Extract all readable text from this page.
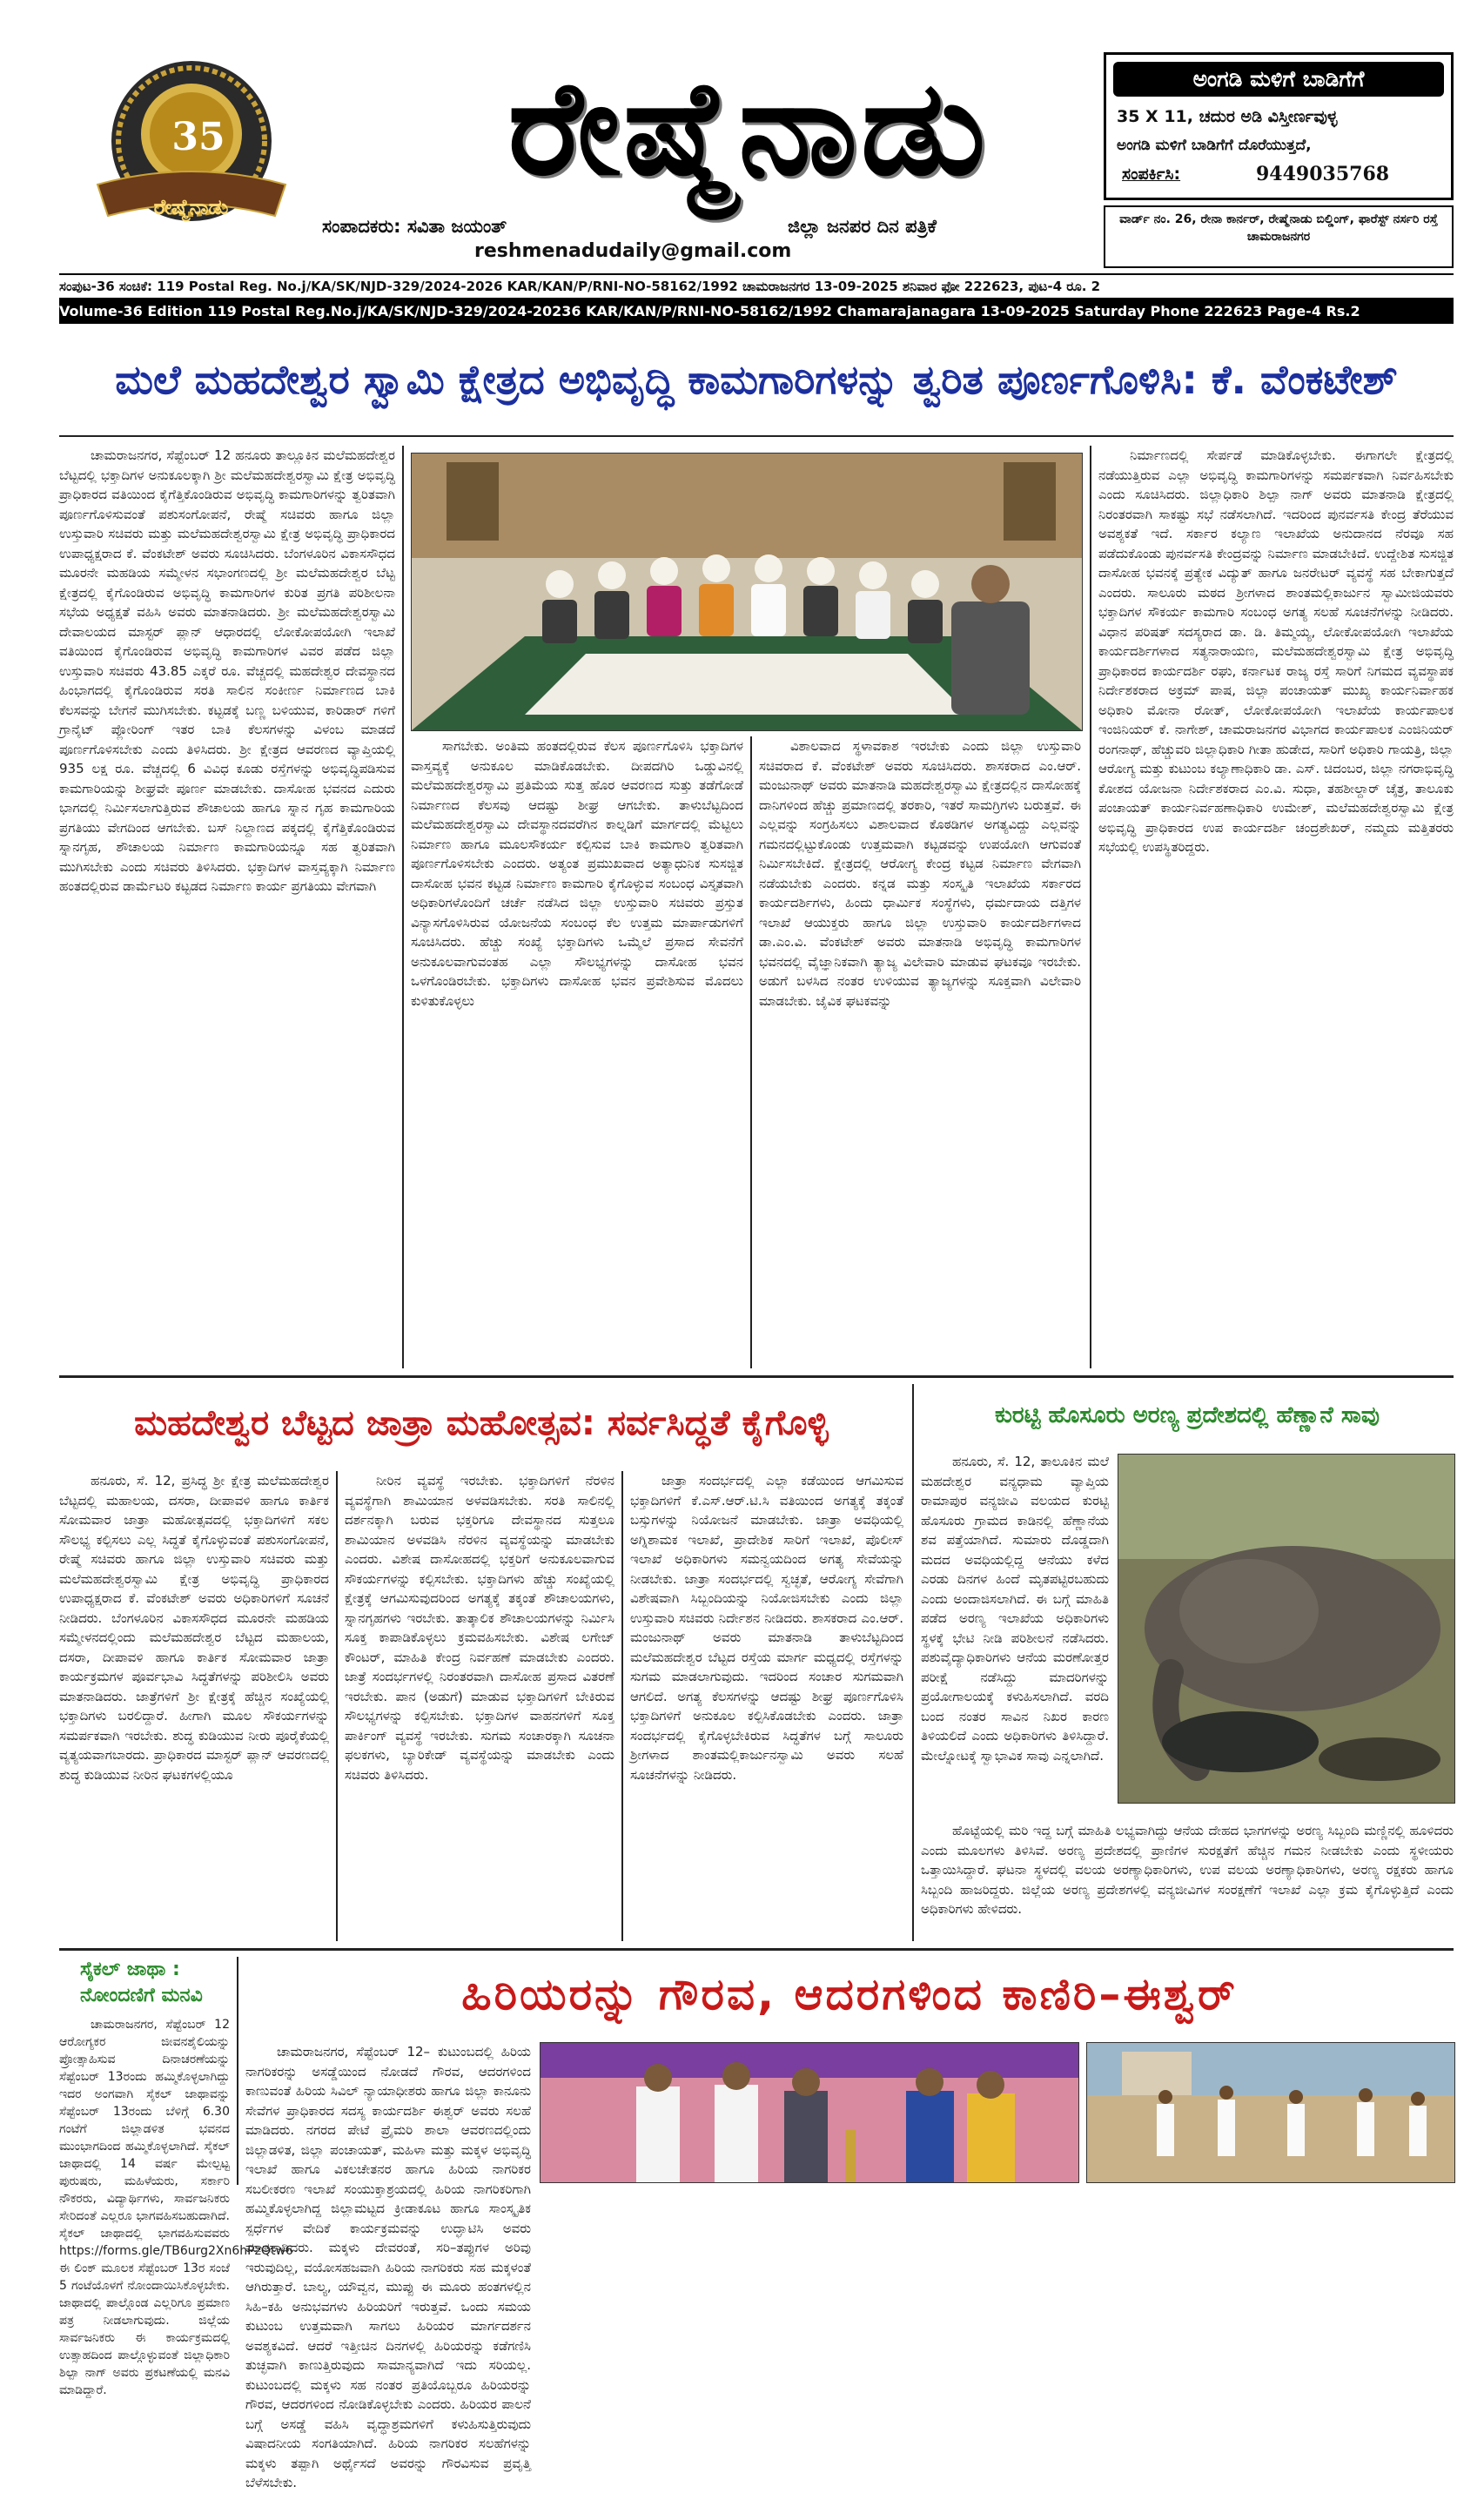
35
ರೇಷ್ಮೆನಾಡು
ರೇಷ್ಮೆನಾಡು
ಸಂಪಾದಕರು: ಸವಿತಾ ಜಯಂತ್	ಜಿಲ್ಲಾ ಜನಪರ ದಿನ ಪತ್ರಿಕೆ
reshmenadudaily@gmail.com
ಅಂಗಡಿ ಮಳಿಗೆ ಬಾಡಿಗೆಗೆ
35 X 11, ಚದುರ ಅಡಿ ವಿಸ್ತೀರ್ಣವುಳ್ಳ
ಅಂಗಡಿ ಮಳಿಗೆ ಬಾಡಿಗೆಗೆ ದೊರೆಯುತ್ತದೆ,
ಸಂಪರ್ಕಿಸಿ:	9449035768
ವಾರ್ಡ್ ನಂ. 26, ರೇನಾ ಕಾರ್ನರ್, ರೇಷ್ಮೆನಾಡು ಬಿಲ್ಡಿಂಗ್, ಫಾರೆಸ್ಟ್ ನರ್ಸರಿ ರಸ್ತೆ ಚಾಮರಾಜನಗರ
ಸಂಪುಟ-36 ಸಂಚಿಕೆ: 119 Postal Reg. No.j/KA/SK/NJD-329/2024-2026 KAR/KAN/P/RNI-NO-58162/1992 ಚಾಮರಾಜನಗರ 13-09-2025 ಶನಿವಾರ ಫೋ 222623, ಪುಟ-4 ರೂ. 2
Volume-36 Edition 119 Postal Reg.No.j/KA/SK/NJD-329/2024-20236 KAR/KAN/P/RNI-NO-58162/1992 Chamarajanagara 13-09-2025 Saturday Phone 222623 Page-4 Rs.2
ಮಲೆ ಮಹದೇಶ್ವರ ಸ್ವಾಮಿ ಕ್ಷೇತ್ರದ ಅಭಿವೃದ್ಧಿ ಕಾಮಗಾರಿಗಳನ್ನು ತ್ವರಿತ ಪೂರ್ಣಗೊಳಿಸಿ: ಕೆ. ವೆಂಕಟೇಶ್

ಚಾಮರಾಜನಗರ, ಸೆಪ್ಟೆಂಬರ್ 12 ಹನೂರು ತಾಲ್ಲೂಕಿನ ಮಲೆಮಹದೇಶ್ವರ ಬೆಟ್ಟದಲ್ಲಿ ಭಕ್ತಾದಿಗಳ ಅನುಕೂಲಕ್ಕಾಗಿ ಶ್ರೀ ಮಲೆಮಹದೇಶ್ವರಸ್ವಾಮಿ ಕ್ಷೇತ್ರ ಅಭಿವೃದ್ಧಿ ಪ್ರಾಧಿಕಾರದ ವತಿಯಿಂದ ಕೈಗೆತ್ತಿಕೊಂಡಿರುವ ಅಭಿವೃದ್ಧಿ ಕಾಮಗಾರಿಗಳನ್ನು ತ್ವರಿತವಾಗಿ ಪೂರ್ಣಗೊಳಿಸುವಂತೆ ಪಶುಸಂಗೋಪನೆ, ರೇಷ್ಮೆ ಸಚಿವರು ಹಾಗೂ ಜಿಲ್ಲಾ ಉಸ್ತುವಾರಿ ಸಚಿವರು ಮತ್ತು ಮಲೆಮಹದೇಶ್ವರಸ್ವಾಮಿ ಕ್ಷೇತ್ರ ಅಭಿವೃದ್ಧಿ ಪ್ರಾಧಿಕಾರದ ಉಪಾಧ್ಯಕ್ಷರಾದ ಕೆ. ವೆಂಕಟೇಶ್ ಅವರು ಸೂಚಿಸಿದರು. ಬೆಂಗಳೂರಿನ ವಿಕಾಸಸೌಧದ ಮೂರನೇ ಮಹಡಿಯ ಸಮ್ಮೇಳನ ಸಭಾಂಗಣದಲ್ಲಿ ಶ್ರೀ ಮಲೆಮಹದೇಶ್ವರ ಬೆಟ್ಟ ಕ್ಷೇತ್ರದಲ್ಲಿ ಕೈಗೊಂಡಿರುವ ಅಭಿವೃದ್ಧಿ ಕಾಮಗಾರಿಗಳ ಕುರಿತ ಪ್ರಗತಿ ಪರಿಶೀಲನಾ ಸಭೆಯ ಅಧ್ಯಕ್ಷತೆ ವಹಿಸಿ ಅವರು ಮಾತನಾಡಿದರು. ಶ್ರೀ ಮಲೆಮಹದೇಶ್ವರಸ್ವಾಮಿ ದೇವಾಲಯದ ಮಾಸ್ಟರ್ ಪ್ಲಾನ್ ಆಧಾರದಲ್ಲಿ ಲೋಕೋಪಯೋಗಿ ಇಲಾಖೆ ವತಿಯಿಂದ ಕೈಗೊಂಡಿರುವ ಅಭಿವೃದ್ಧಿ ಕಾಮಗಾರಿಗಳ ವಿವರ ಪಡೆದ ಜಿಲ್ಲಾ ಉಸ್ತುವಾರಿ ಸಚಿವರು 43.85 ಎಕ್ಕರೆ ರೂ. ವೆಚ್ಚದಲ್ಲಿ ಮಹದೇಶ್ವರ ದೇವಸ್ಥಾನದ ಹಿಂಭಾಗದಲ್ಲಿ ಕೈಗೊಂಡಿರುವ ಸರತಿ ಸಾಲಿನ ಸಂಕೀರ್ಣ ನಿರ್ಮಾಣದ ಬಾಕಿ ಕೆಲಸವನ್ನು ಬೇಗನೆ ಮುಗಿಸಬೇಕು. ಕಟ್ಟಡಕ್ಕೆ ಬಣ್ಣ ಬಳಿಯುವ, ಕಾರಿಡಾರ್ ಗಳಿಗೆ ಗ್ರಾನೈಟ್ ಪ್ಲೋರಿಂಗ್ ಇತರ ಬಾಕಿ ಕೆಲಸಗಳನ್ನು ವಿಳಂಬ ಮಾಡದೆ ಪೂರ್ಣಗೊಳಿಸಬೇಕು ಎಂದು ತಿಳಿಸಿದರು. ಶ್ರೀ ಕ್ಷೇತ್ರದ ಆವರಣದ ವ್ಯಾಪ್ತಿಯಲ್ಲಿ 935 ಲಕ್ಷ ರೂ. ವೆಚ್ಚದಲ್ಲಿ 6 ವಿವಿಧ ಕೂಡು ರಸ್ತೆಗಳನ್ನು ಅಭಿವೃದ್ಧಿಪಡಿಸುವ ಕಾಮಗಾರಿಯನ್ನು ಶೀಘ್ರವೇ ಪೂರ್ಣ ಮಾಡಬೇಕು. ದಾಸೋಹ ಭವನದ ಎದುರು ಭಾಗದಲ್ಲಿ ನಿರ್ಮಿಸಲಾಗುತ್ತಿರುವ ಶೌಚಾಲಯ ಹಾಗೂ ಸ್ನಾನ ಗೃಹ ಕಾಮಗಾರಿಯ ಪ್ರಗತಿಯು ವೇಗದಿಂದ ಆಗಬೇಕು. ಬಸ್ ನಿಲ್ದಾಣದ ಪಕ್ಕದಲ್ಲಿ ಕೈಗೆತ್ತಿಕೊಂಡಿರುವ ಸ್ನಾನಗೃಹ, ಶೌಚಾಲಯ ನಿರ್ಮಾಣ ಕಾಮಗಾರಿಯನ್ನೂ ಸಹ ತ್ವರಿತವಾಗಿ ಮುಗಿಸಬೇಕು ಎಂದು ಸಚಿವರು ತಿಳಿಸಿದರು. ಭಕ್ತಾದಿಗಳ ವಾಸ್ತವ್ಯಕ್ಕಾಗಿ ನಿರ್ಮಾಣ ಹಂತದಲ್ಲಿರುವ ಡಾರ್ಮೆಟರಿ ಕಟ್ಟಡದ ನಿರ್ಮಾಣ ಕಾರ್ಯ ಪ್ರಗತಿಯು ವೇಗವಾಗಿ

ಸಾಗಬೇಕು. ಅಂತಿಮ ಹಂತದಲ್ಲಿರುವ ಕೆಲಸ ಪೂರ್ಣಗೊಳಿಸಿ ಭಕ್ತಾದಿಗಳ ವಾಸ್ತವ್ಯಕ್ಕೆ ಅನುಕೂಲ ಮಾಡಿಕೊಡಬೇಕು. ದೀಪದಗಿರಿ ಒಡ್ಡುವಿನಲ್ಲಿ ಮಲೆಮಹದೇಶ್ವರಸ್ವಾಮಿ ಪ್ರತಿಮೆಯ ಸುತ್ತ ಹೊರ ಆವರಣದ ಸುತ್ತು ತಡೆಗೋಡೆ ನಿರ್ಮಾಣದ ಕೆಲಸವು ಆದಷ್ಟು ಶೀಘ್ರ ಆಗಬೇಕು. ತಾಳುಬೆಟ್ಟದಿಂದ ಮಲೆಮಹದೇಶ್ವರಸ್ವಾಮಿ ದೇವಸ್ಥಾನದವರೆಗಿನ ಕಾಲ್ನಡಿಗೆ ಮಾರ್ಗದಲ್ಲಿ ಮೆಟ್ಟಿಲು ನಿರ್ಮಾಣ ಹಾಗೂ ಮೂಲಸೌಕರ್ಯ ಕಲ್ಪಿಸುವ ಬಾಕಿ ಕಾಮಗಾರಿ ತ್ವರಿತವಾಗಿ ಪೂರ್ಣಗೊಳಿಸಬೇಕು ಎಂದರು. ಅತ್ಯಂತ ಪ್ರಮುಖವಾದ ಅತ್ಯಾಧುನಿಕ ಸುಸಜ್ಜಿತ ದಾಸೋಹ ಭವನ ಕಟ್ಟಡ ನಿರ್ಮಾಣ ಕಾಮಗಾರಿ ಕೈಗೊಳ್ಳುವ ಸಂಬಂಧ ವಿಸ್ತೃತವಾಗಿ ಅಧಿಕಾರಿಗಳೊಂದಿಗೆ ಚರ್ಚೆ ನಡೆಸಿದ ಜಿಲ್ಲಾ ಉಸ್ತುವಾರಿ ಸಚಿವರು ಪ್ರಸ್ತುತ ವಿನ್ಯಾಸಗೊಳಿಸಿರುವ ಯೋಜನೆಯ ಸಂಬಂಧ ಕೆಲ ಉತ್ತಮ ಮಾರ್ಪಾಡುಗಳಿಗೆ ಸೂಚಿಸಿದರು. ಹೆಚ್ಚು ಸಂಖ್ಯೆ ಭಕ್ತಾದಿಗಳು ಒಮ್ಮೆಲೆ ಪ್ರಸಾದ ಸೇವನೆಗೆ ಅನುಕೂಲವಾಗುವಂತಹ ಎಲ್ಲಾ ಸೌಲಭ್ಯಗಳನ್ನು ದಾಸೋಹ ಭವನ ಒಳಗೊಂಡಿರಬೇಕು. ಭಕ್ತಾದಿಗಳು ದಾಸೋಹ ಭವನ ಪ್ರವೇಶಿಸುವ ಮೊದಲು ಕುಳಿತುಕೊಳ್ಳಲು

ವಿಶಾಲವಾದ ಸ್ಥಳಾವಕಾಶ ಇರಬೇಕು ಎಂದು ಜಿಲ್ಲಾ ಉಸ್ತುವಾರಿ ಸಚಿವರಾದ ಕೆ. ವೆಂಕಟೇಶ್ ಅವರು ಸೂಚಿಸಿದರು. ಶಾಸಕರಾದ ಎಂ.ಆರ್. ಮಂಜುನಾಥ್ ಅವರು ಮಾತನಾಡಿ ಮಹದೇಶ್ವರಸ್ವಾಮಿ ಕ್ಷೇತ್ರದಲ್ಲಿನ ದಾಸೋಹಕ್ಕೆ ದಾನಿಗಳಿಂದ ಹೆಚ್ಚು ಪ್ರಮಾಣದಲ್ಲಿ ತರಕಾರಿ, ಇತರೆ ಸಾಮಗ್ರಿಗಳು ಬರುತ್ತವೆ. ಈ ಎಲ್ಲವನ್ನು ಸಂಗ್ರಹಿಸಲು ವಿಶಾಲವಾದ ಕೊಠಡಿಗಳ ಅಗತ್ಯವಿದ್ದು ಎಲ್ಲವನ್ನು ಗಮನದಲ್ಲಿಟ್ಟುಕೊಂಡು ಉತ್ತಮವಾಗಿ ಕಟ್ಟಡವನ್ನು ಉಪಯೋಗಿ ಆಗುವಂತೆ ನಿರ್ಮಿಸಬೇಕಿದೆ. ಕ್ಷೇತ್ರದಲ್ಲಿ ಆರೋಗ್ಯ ಕೇಂದ್ರ ಕಟ್ಟಡ ನಿರ್ಮಾಣ ವೇಗವಾಗಿ ನಡೆಯಬೇಕು ಎಂದರು. ಕನ್ನಡ ಮತ್ತು ಸಂಸ್ಕೃತಿ ಇಲಾಖೆಯ ಸರ್ಕಾರದ ಕಾರ್ಯದರ್ಶಿಗಳು, ಹಿಂದು ಧಾರ್ಮಿಕ ಸಂಸ್ಥೆಗಳು, ಧರ್ಮದಾಯ ದತ್ತಿಗಳ ಇಲಾಖೆ ಆಯುಕ್ತರು ಹಾಗೂ ಜಿಲ್ಲಾ ಉಸ್ತುವಾರಿ ಕಾರ್ಯದರ್ಶಿಗಳಾದ ಡಾ.ಎಂ.ವಿ. ವೆಂಕಟೇಶ್ ಅವರು ಮಾತನಾಡಿ ಅಭಿವೃದ್ಧಿ ಕಾಮಗಾರಿಗಳ ಭವನದಲ್ಲಿ ವೈಜ್ಞಾನಿಕವಾಗಿ ತ್ಯಾಜ್ಯ ವಿಲೇವಾರಿ ಮಾಡುವ ಘಟಕವೂ ಇರಬೇಕು. ಅಡುಗೆ ಬಳಸಿದ ನಂತರ ಉಳಿಯುವ ತ್ಯಾಜ್ಯಗಳನ್ನು ಸೂಕ್ತವಾಗಿ ವಿಲೇವಾರಿ ಮಾಡಬೇಕು. ಜೈವಿಕ ಘಟಕವನ್ನು

ನಿರ್ಮಾಣದಲ್ಲಿ ಸೇರ್ಪಡೆ ಮಾಡಿಕೊಳ್ಳಬೇಕು. ಈಗಾಗಲೇ ಕ್ಷೇತ್ರದಲ್ಲಿ ನಡೆಯುತ್ತಿರುವ ಎಲ್ಲಾ ಅಭಿವೃದ್ಧಿ ಕಾಮಗಾರಿಗಳನ್ನು ಸಮರ್ಪಕವಾಗಿ ನಿರ್ವಹಿಸಬೇಕು ಎಂದು ಸೂಚಿಸಿದರು. ಜಿಲ್ಲಾಧಿಕಾರಿ ಶಿಲ್ಪಾ ನಾಗ್ ಅವರು ಮಾತನಾಡಿ ಕ್ಷೇತ್ರದಲ್ಲಿ ನಿರಂತರವಾಗಿ ಸಾಕಷ್ಟು ಸಭೆ ನಡೆಸಲಾಗಿದೆ. ಇದರಿಂದ ಪುನರ್ವಸತಿ ಕೇಂದ್ರ ತೆರೆಯುವ ಅವಶ್ಯಕತೆ ಇದೆ. ಸರ್ಕಾರ ಕಲ್ಯಾಣ ಇಲಾಖೆಯ ಅನುದಾನದ ನೆರವೂ ಸಹ ಪಡೆದುಕೊಂಡು ಪುನರ್ವಸತಿ ಕೇಂದ್ರವನ್ನು ನಿರ್ಮಾಣ ಮಾಡಬೇಕಿದೆ. ಉದ್ದೇಶಿತ ಸುಸಜ್ಜಿತ ದಾಸೋಹ ಭವನಕ್ಕೆ ಪ್ರತ್ಯೇಕ ವಿದ್ಯುತ್ ಹಾಗೂ ಜನರೇಟರ್ ವ್ಯವಸ್ಥೆ ಸಹ ಬೇಕಾಗುತ್ತದೆ ಎಂದರು. ಸಾಲೂರು ಮಠದ ಶ್ರೀಗಳಾದ ಶಾಂತಮಲ್ಲಿಕಾರ್ಜುನ ಸ್ವಾಮೀಜಿಯವರು ಭಕ್ತಾದಿಗಳ ಸೌಕರ್ಯ ಕಾಮಗಾರಿ ಸಂಬಂಧ ಅಗತ್ಯ ಸಲಹೆ ಸೂಚನೆಗಳನ್ನು ನೀಡಿದರು. ವಿಧಾನ ಪರಿಷತ್ ಸದಸ್ಯರಾದ ಡಾ. ಡಿ. ತಿಮ್ಮಯ್ಯ, ಲೋಕೋಪಯೋಗಿ ಇಲಾಖೆಯ ಕಾರ್ಯದರ್ಶಿಗಳಾದ ಸತ್ಯನಾರಾಯಣ, ಮಲೆಮಹದೇಶ್ವರಸ್ವಾಮಿ ಕ್ಷೇತ್ರ ಅಭಿವೃದ್ಧಿ ಪ್ರಾಧಿಕಾರದ ಕಾರ್ಯದರ್ಶಿ ರಘು, ಕರ್ನಾಟಕ ರಾಜ್ಯ ರಸ್ತೆ ಸಾರಿಗೆ ನಿಗಮದ ವ್ಯವಸ್ಥಾಪಕ ನಿರ್ದೇಶಕರಾದ ಅಕ್ರಮ್ ಪಾಷ, ಜಿಲ್ಲಾ ಪಂಚಾಯತ್ ಮುಖ್ಯ ಕಾರ್ಯನಿರ್ವಾಹಕ ಅಧಿಕಾರಿ ಮೋನಾ ರೋತ್, ಲೋಕೋಪಯೋಗಿ ಇಲಾಖೆಯ ಕಾರ್ಯಪಾಲಕ ಇಂಜಿನಿಯರ್ ಕೆ. ನಾಗೇಶ್, ಚಾಮರಾಜನಗರ ವಿಭಾಗದ ಕಾರ್ಯಪಾಲಕ ಎಂಜಿನಿಯರ್ ರಂಗನಾಥ್, ಹೆಚ್ಚುವರಿ ಜಿಲ್ಲಾಧಿಕಾರಿ ಗೀತಾ ಹುಡೇದ, ಸಾರಿಗೆ ಅಧಿಕಾರಿ ಗಾಯತ್ರಿ, ಜಿಲ್ಲಾ ಆರೋಗ್ಯ ಮತ್ತು ಕುಟುಂಬ ಕಲ್ಯಾಣಾಧಿಕಾರಿ ಡಾ. ಎಸ್. ಚಿದಂಬರ, ಜಿಲ್ಲಾ ನಗರಾಭಿವೃದ್ಧಿ ಕೋಶದ ಯೋಜನಾ ನಿರ್ದೇಶಕರಾದ ಎಂ.ವಿ. ಸುಧಾ, ತಹಶೀಲ್ದಾರ್ ಚೈತ್ರ, ತಾಲೂಕು ಪಂಚಾಯತ್ ಕಾರ್ಯನಿರ್ವಹಣಾಧಿಕಾರಿ ಉಮೇಶ್, ಮಲೆಮಹದೇಶ್ವರಸ್ವಾಮಿ ಕ್ಷೇತ್ರ ಅಭಿವೃದ್ಧಿ ಪ್ರಾಧಿಕಾರದ ಉಪ ಕಾರ್ಯದರ್ಶಿ ಚಂದ್ರಶೇಖರ್, ನಮ್ಮದು ಮತ್ತಿತರರು ಸಭೆಯಲ್ಲಿ ಉಪಸ್ಥಿತರಿದ್ದರು.

ಮಹದೇಶ್ವರ ಬೆಟ್ಟದ ಜಾತ್ರಾ ಮಹೋತ್ಸವ: ಸರ್ವಸಿದ್ಧತೆ ಕೈಗೊಳ್ಳಿ

ಹನೂರು, ಸೆ. 12, ಪ್ರಸಿದ್ಧ ಶ್ರೀ ಕ್ಷೇತ್ರ ಮಲೆಮಹದೇಶ್ವರ ಬೆಟ್ಟದಲ್ಲಿ ಮಹಾಲಯ, ದಸರಾ, ದೀಪಾವಳಿ ಹಾಗೂ ಕಾರ್ತಿಕ ಸೋಮವಾರ ಜಾತ್ರಾ ಮಹೋತ್ಸವದಲ್ಲಿ ಭಕ್ತಾದಿಗಳಿಗೆ ಸಕಲ ಸೌಲಭ್ಯ ಕಲ್ಪಿಸಲು ಎಲ್ಲ ಸಿದ್ಧತೆ ಕೈಗೊಳ್ಳುವಂತೆ ಪಶುಸಂಗೋಪನೆ, ರೇಷ್ಮೆ ಸಚಿವರು ಹಾಗೂ ಜಿಲ್ಲಾ ಉಸ್ತುವಾರಿ ಸಚಿವರು ಮತ್ತು ಮಲೆಮಹದೇಶ್ವರಸ್ವಾಮಿ ಕ್ಷೇತ್ರ ಅಭಿವೃದ್ಧಿ ಪ್ರಾಧಿಕಾರದ ಉಪಾಧ್ಯಕ್ಷರಾದ ಕೆ. ವೆಂಕಟೇಶ್ ಅವರು ಅಧಿಕಾರಿಗಳಿಗೆ ಸೂಚನೆ ನೀಡಿದರು. ಬೆಂಗಳೂರಿನ ವಿಕಾಸಸೌಧದ ಮೂರನೇ ಮಹಡಿಯ ಸಮ್ಮೇಳನದಲ್ಲಿಂದು ಮಲೆಮಹದೇಶ್ವರ ಬೆಟ್ಟದ ಮಹಾಲಯ, ದಸರಾ, ದೀಪಾವಳಿ ಹಾಗೂ ಕಾರ್ತಿಕ ಸೋಮವಾರ ಜಾತ್ರಾ ಕಾರ್ಯಕ್ರಮಗಳ ಪೂರ್ವಭಾವಿ ಸಿದ್ಧತೆಗಳನ್ನು ಪರಿಶೀಲಿಸಿ ಅವರು ಮಾತನಾಡಿದರು. ಜಾತ್ರೆಗಳಿಗೆ ಶ್ರೀ ಕ್ಷೇತ್ರಕ್ಕೆ ಹೆಚ್ಚಿನ ಸಂಖ್ಯೆಯಲ್ಲಿ ಭಕ್ತಾದಿಗಳು ಬರಲಿದ್ದಾರೆ. ಹೀಗಾಗಿ ಮೂಲ ಸೌಕರ್ಯಗಳನ್ನು ಸಮರ್ಪಕವಾಗಿ ಇರಬೇಕು. ಶುದ್ಧ ಕುಡಿಯುವ ನೀರು ಪೂರೈಕೆಯಲ್ಲಿ ವ್ಯತ್ಯಯವಾಗಬಾರದು. ಪ್ರಾಧಿಕಾರದ ಮಾಸ್ಟರ್ ಪ್ಲಾನ್ ಆವರಣದಲ್ಲಿ ಶುದ್ಧ ಕುಡಿಯುವ ನೀರಿನ ಘಟಕಗಳಲ್ಲಿಯೂ

ನೀರಿನ ವ್ಯವಸ್ಥೆ ಇರಬೇಕು. ಭಕ್ತಾದಿಗಳಿಗೆ ನೆರಳಿನ ವ್ಯವಸ್ಥೆಗಾಗಿ ಶಾಮಿಯಾನ ಅಳವಡಿಸಬೇಕು. ಸರತಿ ಸಾಲಿನಲ್ಲಿ ದರ್ಶನಕ್ಕಾಗಿ ಬರುವ ಭಕ್ತರಿಗೂ ದೇವಸ್ಥಾನದ ಸುತ್ತಲೂ ಶಾಮಿಯಾನ ಅಳವಡಿಸಿ ನೆರಳಿನ ವ್ಯವಸ್ಥೆಯನ್ನು ಮಾಡಬೇಕು ಎಂದರು. ವಿಶೇಷ ದಾಸೋಹದಲ್ಲಿ ಭಕ್ತರಿಗೆ ಅನುಕೂಲವಾಗುವ ಸೌಕರ್ಯಗಳನ್ನು ಕಲ್ಪಿಸಬೇಕು. ಭಕ್ತಾದಿಗಳು ಹೆಚ್ಚು ಸಂಖ್ಯೆಯಲ್ಲಿ ಕ್ಷೇತ್ರಕ್ಕೆ ಆಗಮಿಸುವುದರಿಂದ ಅಗತ್ಯಕ್ಕೆ ತಕ್ಕಂತೆ ಶೌಚಾಲಯಗಳು, ಸ್ನಾನಗೃಹಗಳು ಇರಬೇಕು. ತಾತ್ಕಾಲಿಕ ಶೌಚಾಲಯಗಳನ್ನು ನಿರ್ಮಿಸಿ ಸೂಕ್ತ ಕಾಪಾಡಿಕೊಳ್ಳಲು ಕ್ರಮವಹಿಸಬೇಕು. ವಿಶೇಷ ಲಗೇಜ್ ಕೌಂಟರ್, ಮಾಹಿತಿ ಕೇಂದ್ರ ನಿರ್ವಹಣೆ ಮಾಡಬೇಕು ಎಂದರು. ಜಾತ್ರೆ ಸಂದರ್ಭಗಳಲ್ಲಿ ನಿರಂತರವಾಗಿ ದಾಸೋಹ ಪ್ರಸಾದ ವಿತರಣೆ ಇರಬೇಕು. ಪಾನ (ಅಡುಗೆ) ಮಾಡುವ ಭಕ್ತಾದಿಗಳಿಗೆ ಬೇಕಿರುವ ಸೌಲಭ್ಯಗಳನ್ನು ಕಲ್ಪಿಸಬೇಕು. ಭಕ್ತಾದಿಗಳ ವಾಹನಗಳಿಗೆ ಸೂಕ್ತ ಪಾರ್ಕಿಂಗ್ ವ್ಯವಸ್ಥೆ ಇರಬೇಕು. ಸುಗಮ ಸಂಚಾರಕ್ಕಾಗಿ ಸೂಚನಾ ಫಲಕಗಳು, ಬ್ಯಾರಿಕೇಡ್ ವ್ಯವಸ್ಥೆಯನ್ನು ಮಾಡಬೇಕು ಎಂದು ಸಚಿವರು ತಿಳಿಸಿದರು.

ಜಾತ್ರಾ ಸಂದರ್ಭದಲ್ಲಿ ಎಲ್ಲಾ ಕಡೆಯಿಂದ ಆಗಮಿಸುವ ಭಕ್ತಾದಿಗಳಿಗೆ ಕೆ.ಎಸ್.ಆರ್.ಟಿ.ಸಿ ವತಿಯಿಂದ ಅಗತ್ಯಕ್ಕೆ ತಕ್ಕಂತೆ ಬಸ್ಸುಗಳನ್ನು ನಿಯೋಜನೆ ಮಾಡಬೇಕು. ಜಾತ್ರಾ ಅವಧಿಯಲ್ಲಿ ಅಗ್ನಿಶಾಮಕ ಇಲಾಖೆ, ಪ್ರಾದೇಶಿಕ ಸಾರಿಗೆ ಇಲಾಖೆ, ಪೊಲೀಸ್ ಇಲಾಖೆ ಅಧಿಕಾರಿಗಳು ಸಮನ್ವಯದಿಂದ ಅಗತ್ಯ ಸೇವೆಯನ್ನು ನೀಡಬೇಕು. ಜಾತ್ರಾ ಸಂದರ್ಭದಲ್ಲಿ ಸ್ವಚ್ಛತೆ, ಆರೋಗ್ಯ ಸೇವೆಗಾಗಿ ವಿಶೇಷವಾಗಿ ಸಿಬ್ಬಂದಿಯನ್ನು ನಿಯೋಜಿಸಬೇಕು ಎಂದು ಜಿಲ್ಲಾ ಉಸ್ತುವಾರಿ ಸಚಿವರು ನಿರ್ದೇಶನ ನೀಡಿದರು. ಶಾಸಕರಾದ ಎಂ.ಆರ್. ಮಂಜುನಾಥ್ ಅವರು ಮಾತನಾಡಿ ತಾಳುಬೆಟ್ಟದಿಂದ ಮಲೆಮಹದೇಶ್ವರ ಬೆಟ್ಟದ ರಸ್ತೆಯ ಮಾರ್ಗ ಮಧ್ಯದಲ್ಲಿ ರಸ್ತೆಗಳನ್ನು ಸುಗಮ ಮಾಡಲಾಗುವುದು. ಇದರಿಂದ ಸಂಚಾರ ಸುಗಮವಾಗಿ ಆಗಲಿದೆ. ಅಗತ್ಯ ಕೆಲಸಗಳನ್ನು ಆದಷ್ಟು ಶೀಘ್ರ ಪೂರ್ಣಗೊಳಿಸಿ ಭಕ್ತಾದಿಗಳಿಗೆ ಅನುಕೂಲ ಕಲ್ಪಿಸಿಕೊಡಬೇಕು ಎಂದರು. ಜಾತ್ರಾ ಸಂದರ್ಭದಲ್ಲಿ ಕೈಗೊಳ್ಳಬೇಕಿರುವ ಸಿದ್ಧತೆಗಳ ಬಗ್ಗೆ ಸಾಲೂರು ಶ್ರೀಗಳಾದ ಶಾಂತಮಲ್ಲಿಕಾರ್ಜುನಸ್ವಾಮಿ ಅವರು ಸಲಹೆ ಸೂಚನೆಗಳನ್ನು ನೀಡಿದರು.

ಕುರಟ್ಟಿ ಹೊಸೂರು ಅರಣ್ಯ ಪ್ರದೇಶದಲ್ಲಿ ಹೆಣ್ಣಾನೆ ಸಾವು

ಹನೂರು, ಸೆ. 12, ತಾಲೂಕಿನ ಮಲೆ ಮಹದೇಶ್ವರ ವನ್ಯಧಾಮ ವ್ಯಾಪ್ತಿಯ ರಾಮಾಪುರ ವನ್ಯಜೀವಿ ವಲಯದ ಕುರಟ್ಟಿ ಹೊಸೂರು ಗ್ರಾಮದ ಕಾಡಿನಲ್ಲಿ ಹೆಣ್ಣಾನೆಯ ಶವ ಪತ್ತೆಯಾಗಿದೆ. ಸುಮಾರು ದೊಡ್ಡದಾಗಿ ಮದದ ಅವಧಿಯಲ್ಲಿದ್ದ ಆನೆಯು ಕಳೆದ ಎರಡು ದಿನಗಳ ಹಿಂದೆ ಮೃತಪಟ್ಟಿರಬಹುದು ಎಂದು ಅಂದಾಜಿಸಲಾಗಿದೆ. ಈ ಬಗ್ಗೆ ಮಾಹಿತಿ ಪಡೆದ ಅರಣ್ಯ ಇಲಾಖೆಯ ಅಧಿಕಾರಿಗಳು ಸ್ಥಳಕ್ಕೆ ಭೇಟಿ ನೀಡಿ ಪರಿಶೀಲನೆ ನಡೆಸಿದರು. ಪಶುವೈದ್ಯಾಧಿಕಾರಿಗಳು ಆನೆಯ ಮರಣೋತ್ತರ ಪರೀಕ್ಷೆ ನಡೆಸಿದ್ದು ಮಾದರಿಗಳನ್ನು ಪ್ರಯೋಗಾಲಯಕ್ಕೆ ಕಳುಹಿಸಲಾಗಿದೆ. ವರದಿ ಬಂದ ನಂತರ ಸಾವಿನ ನಿಖರ ಕಾರಣ ತಿಳಿಯಲಿದೆ ಎಂದು ಅಧಿಕಾರಿಗಳು ತಿಳಿಸಿದ್ದಾರೆ. ಮೇಲ್ನೋಟಕ್ಕೆ ಸ್ವಾಭಾವಿಕ ಸಾವು ಎನ್ನಲಾಗಿದೆ.

ಹೊಟ್ಟೆಯಲ್ಲಿ ಮರಿ ಇದ್ದ ಬಗ್ಗೆ ಮಾಹಿತಿ ಲಭ್ಯವಾಗಿದ್ದು ಆನೆಯ ದೇಹದ ಭಾಗಗಳನ್ನು ಅರಣ್ಯ ಸಿಬ್ಬಂದಿ ಮಣ್ಣಿನಲ್ಲಿ ಹೂಳಿದರು ಎಂದು ಮೂಲಗಳು ತಿಳಿಸಿವೆ. ಅರಣ್ಯ ಪ್ರದೇಶದಲ್ಲಿ ಪ್ರಾಣಿಗಳ ಸುರಕ್ಷತೆಗೆ ಹೆಚ್ಚಿನ ಗಮನ ನೀಡಬೇಕು ಎಂದು ಸ್ಥಳೀಯರು ಒತ್ತಾಯಿಸಿದ್ದಾರೆ. ಘಟನಾ ಸ್ಥಳದಲ್ಲಿ ವಲಯ ಅರಣ್ಯಾಧಿಕಾರಿಗಳು, ಉಪ ವಲಯ ಅರಣ್ಯಾಧಿಕಾರಿಗಳು, ಅರಣ್ಯ ರಕ್ಷಕರು ಹಾಗೂ ಸಿಬ್ಬಂದಿ ಹಾಜರಿದ್ದರು. ಜಿಲ್ಲೆಯ ಅರಣ್ಯ ಪ್ರದೇಶಗಳಲ್ಲಿ ವನ್ಯಜೀವಿಗಳ ಸಂರಕ್ಷಣೆಗೆ ಇಲಾಖೆ ಎಲ್ಲಾ ಕ್ರಮ ಕೈಗೊಳ್ಳುತ್ತಿದೆ ಎಂದು ಅಧಿಕಾರಿಗಳು ಹೇಳಿದರು.

ಸೈಕಲ್ ಜಾಥಾ :
ನೋಂದಣಿಗೆ ಮನವಿ

ಚಾಮರಾಜನಗರ, ಸೆಪ್ಟೆಂಬರ್ 12 ಆರೋಗ್ಯಕರ ಜೀವನಶೈಲಿಯನ್ನು ಪ್ರೋತ್ಸಾಹಿಸುವ ದಿನಾಚರಣೆಯನ್ನು ಸೆಪ್ಟೆಂಬರ್ 13ರಂದು ಹಮ್ಮಿಕೊಳ್ಳಲಾಗಿದ್ದು ಇದರ ಅಂಗವಾಗಿ ಸೈಕಲ್ ಜಾಥಾವನ್ನು ಸೆಪ್ಟೆಂಬರ್ 13ರಂದು ಬೆಳಿಗ್ಗೆ 6.30 ಗಂಟೆಗೆ ಜಿಲ್ಲಾಡಳಿತ ಭವನದ ಮುಂಭಾಗದಿಂದ ಹಮ್ಮಿಕೊಳ್ಳಲಾಗಿದೆ. ಸೈಕಲ್ ಜಾಥಾದಲ್ಲಿ 14 ವರ್ಷ ಮೇಲ್ಪಟ್ಟ ಪುರುಷರು, ಮಹಿಳೆಯರು, ಸರ್ಕಾರಿ ನೌಕರರು, ವಿದ್ಯಾರ್ಥಿಗಳು, ಸಾರ್ವಜನಿಕರು ಸೇರಿದಂತೆ ಎಲ್ಲರೂ ಭಾಗವಹಿಸಬಹುದಾಗಿದೆ. ಸೈಕಲ್ ಜಾಥಾದಲ್ಲಿ ಭಾಗವಹಿಸುವವರು https://forms.gle/TB6urg2Xn6hPzQtw6 ಈ ಲಿಂಕ್ ಮೂಲಕ ಸೆಪ್ಟೆಂಬರ್ 13ರ ಸಂಜೆ 5 ಗಂಟೆಯೊಳಗೆ ನೋಂದಾಯಿಸಿಕೊಳ್ಳಬೇಕು. ಜಾಥಾದಲ್ಲಿ ಪಾಲ್ಗೊಂಡ ಎಲ್ಲರಿಗೂ ಪ್ರಮಾಣ ಪತ್ರ ನೀಡಲಾಗುವುದು. ಜಿಲ್ಲೆಯ ಸಾರ್ವಜನಿಕರು ಈ ಕಾರ್ಯಕ್ರಮದಲ್ಲಿ ಉತ್ಸಾಹದಿಂದ ಪಾಲ್ಗೊಳ್ಳುವಂತೆ ಜಿಲ್ಲಾಧಿಕಾರಿ ಶಿಲ್ಪಾ ನಾಗ್ ಅವರು ಪ್ರಕಟಣೆಯಲ್ಲಿ ಮನವಿ ಮಾಡಿದ್ದಾರೆ.

ಹಿರಿಯರನ್ನು ಗೌರವ, ಆದರಗಳಿಂದ ಕಾಣಿರಿ–ಈಶ್ವರ್

ಚಾಮರಾಜನಗರ, ಸೆಪ್ಟೆಂಬರ್ 12– ಕುಟುಂಬದಲ್ಲಿ ಹಿರಿಯ ನಾಗರಿಕರನ್ನು ಅಸಡ್ಡೆಯಿಂದ ನೋಡದೆ ಗೌರವ, ಆದರಗಳಿಂದ ಕಾಣುವಂತೆ ಹಿರಿಯ ಸಿವಿಲ್ ನ್ಯಾಯಾಧೀಶರು ಹಾಗೂ ಜಿಲ್ಲಾ ಕಾನೂನು ಸೇವೆಗಳ ಪ್ರಾಧಿಕಾರದ ಸದಸ್ಯ ಕಾರ್ಯದರ್ಶಿ ಈಶ್ವರ್ ಅವರು ಸಲಹೆ ಮಾಡಿದರು. ನಗರದ ಪೇಟೆ ಪ್ರೈಮರಿ ಶಾಲಾ ಆವರಣದಲ್ಲಿಂದು ಜಿಲ್ಲಾಡಳಿತ, ಜಿಲ್ಲಾ ಪಂಚಾಯತ್, ಮಹಿಳಾ ಮತ್ತು ಮಕ್ಕಳ ಅಭಿವೃದ್ಧಿ ಇಲಾಖೆ ಹಾಗೂ ವಿಕಲಚೇತನರ ಹಾಗೂ ಹಿರಿಯ ನಾಗರಿಕರ ಸಬಲೀಕರಣ ಇಲಾಖೆ ಸಂಯುಕ್ತಾಶ್ರಯದಲ್ಲಿ ಹಿರಿಯ ನಾಗರಿಕರಿಗಾಗಿ ಹಮ್ಮಿಕೊಳ್ಳಲಾಗಿದ್ದ ಜಿಲ್ಲಾಮಟ್ಟದ ಕ್ರೀಡಾಕೂಟ ಹಾಗೂ ಸಾಂಸ್ಕೃತಿಕ ಸ್ಪರ್ಧೆಗಳ ವೇದಿಕೆ ಕಾರ್ಯಕ್ರಮವನ್ನು ಉದ್ಘಾಟಿಸಿ ಅವರು ಮಾತನಾಡಿದರು. ಮಕ್ಕಳು ದೇವರಂತೆ, ಸರಿ–ತಪ್ಪುಗಳ ಅರಿವು ಇರುವುದಿಲ್ಲ, ವಯೋಸಹಜವಾಗಿ ಹಿರಿಯ ನಾಗರಿಕರು ಸಹ ಮಕ್ಕಳಂತೆ ಆಗಿರುತ್ತಾರೆ. ಬಾಲ್ಯ, ಯೌವ್ವನ, ಮುಪ್ಪು ಈ ಮೂರು ಹಂತಗಳಲ್ಲಿನ ಸಿಹಿ–ಕಹಿ ಅನುಭವಗಳು ಹಿರಿಯರಿಗೆ ಇರುತ್ತವೆ. ಒಂದು ಸಮಯ ಕುಟುಂಬ ಉತ್ತಮವಾಗಿ ಸಾಗಲು ಹಿರಿಯರ ಮಾರ್ಗದರ್ಶನ ಅವಶ್ಯಕವಿದೆ. ಆದರೆ ಇತ್ತೀಚಿನ ದಿನಗಳಲ್ಲಿ ಹಿರಿಯರನ್ನು ಕಡೆಗಣಿಸಿ ತುಚ್ಛವಾಗಿ ಕಾಣುತ್ತಿರುವುದು ಸಾಮಾನ್ಯವಾಗಿದೆ ಇದು ಸರಿಯಲ್ಲ. ಕುಟುಂಬದಲ್ಲಿ ಮಕ್ಕಳು ಸಹ ನಂತರ ಪ್ರತಿಯೊಬ್ಬರೂ ಹಿರಿಯರನ್ನು ಗೌರವ, ಆದರಗಳಿಂದ ನೋಡಿಕೊಳ್ಳಬೇಕು ಎಂದರು. ಹಿರಿಯರ ಪಾಲನೆ ಬಗ್ಗೆ ಅಸಡ್ಡೆ ವಹಿಸಿ ವೃದ್ಧಾಶ್ರಮಗಳಿಗೆ ಕಳುಹಿಸುತ್ತಿರುವುದು ವಿಷಾದನೀಯ ಸಂಗತಿಯಾಗಿದೆ. ಹಿರಿಯ ನಾಗರಿಕರ ಸಲಹೆಗಳನ್ನು ಮಕ್ಕಳು ತಪ್ಪಾಗಿ ಅರ್ಥೈಸದೆ ಅವರನ್ನು ಗೌರವಿಸುವ ಪ್ರವೃತ್ತಿ ಬೆಳೆಸಬೇಕು.
